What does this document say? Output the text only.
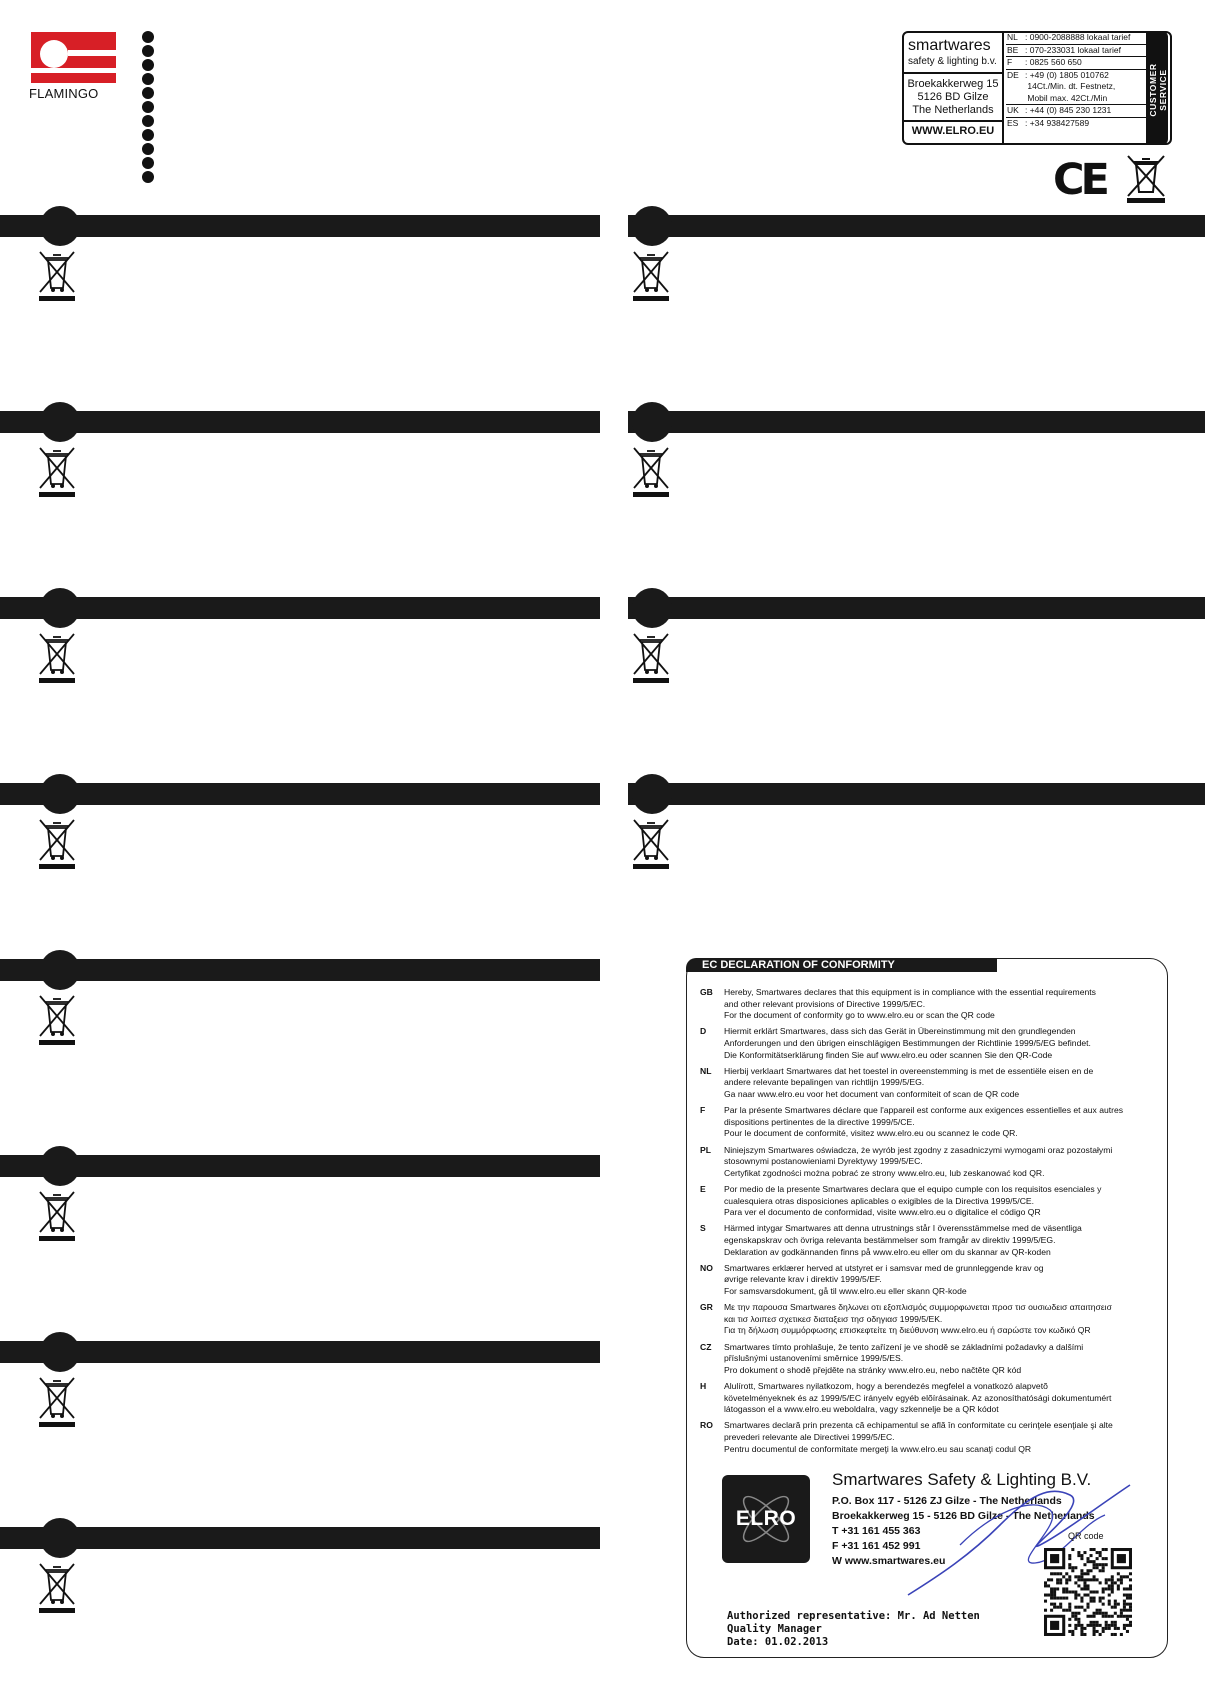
FLAMINGO
smartwares
safety & lighting b.v.
Broekakkerweg 15
5126 BD Gilze
The Netherlands
WWW.ELRO.EU
NL : 0900-2088888 lokaal tarief
BE : 070-233031 lokaal tarief
F : 0825 560 650
DE : +49 (0) 1805 010762
14Ct./Min. dt. Festnetz,
Mobil max. 42Ct./Min
UK : +44 (0) 845 230 1231
ES : +34 938427589
CUSTOMER SERVICE
CE
EC DECLARATION OF CONFORMITY
GB	Hereby, Smartwares declares that this equipment is in compliance with the essential requirements
and other relevant provisions of Directive 1999/5/EC.
For the document of conformity go to www.elro.eu or scan the QR code
D	Hiermit erklärt Smartwares, dass sich das Gerät in Übereinstimmung mit den grundlegenden
Anforderungen und den übrigen einschlägigen Bestimmungen der Richtlinie 1999/5/EG befindet.
Die Konformitätserklärung finden Sie auf www.elro.eu oder scannen Sie den QR-Code
NL	Hierbij verklaart Smartwares dat het toestel in overeenstemming is met de essentiële eisen en de
andere relevante bepalingen van richtlijn 1999/5/EG.
Ga naar www.elro.eu voor het document van conformiteit of scan de QR code
F	Par la présente Smartwares déclare que l'appareil est conforme aux exigences essentielles et aux autres
dispositions pertinentes de la directive 1999/5/CE.
Pour le document de conformité, visitez www.elro.eu ou scannez le code QR.
PL	Niniejszym Smartwares oświadcza, że wyrób jest zgodny z zasadniczymi wymogami oraz pozostałymi
stosownymi postanowieniami Dyrektywy 1999/5/EC.
Certyfikat zgodności można pobrać ze strony www.elro.eu, lub zeskanować kod QR.
E	Por medio de la presente Smartwares declara que el equipo cumple con los requisitos esenciales y
cualesquiera otras disposiciones aplicables o exigibles de la Directiva 1999/5/CE.
Para ver el documento de conformidad, visite www.elro.eu o digitalice el código QR
S	Härmed intygar Smartwares att denna utrustnings står I överensstämmelse med de väsentliga
egenskapskrav och övriga relevanta bestämmelser som framgår av direktiv 1999/5/EG.
Deklaration av godkännanden finns på www.elro.eu eller om du skannar av QR-koden
NO	Smartwares erklærer herved at utstyret er i samsvar med de grunnleggende krav og
øvrige relevante krav i direktiv 1999/5/EF.
For samsvarsdokument, gå til www.elro.eu eller skann QR-kode
GR	Με την παρουσα Smartwares δηλωνει οτι εξοπλισμός συμμορφωνεται προσ τισ ουσιωδεισ απαιτησεισ
και τισ λοιπεσ σχετικεσ διαταξεισ τησ οδηγιασ 1999/5/ΕΚ.
Για τη δήλωση συμμόρφωσης επισκεφτείτε τη διεύθυνση www.elro.eu ή σαρώστε τον κωδικό QR
CZ	Smartwares tímto prohlašuje, že tento zařízení je ve shodě se základními požadavky a dalšími
příslušnými ustanoveními směrnice 1999/5/ES.
Pro dokument o shodě přejděte na stránky www.elro.eu, nebo načtěte QR kód
H	Alulírott, Smartwares nyilatkozom, hogy a berendezés megfelel a vonatkozó alapvetõ
követelményeknek és az 1999/5/EC irányelv egyéb elõírásainak. Az azonosíthatósági dokumentumért
látogasson el a www.elro.eu weboldalra, vagy szkennelje be a QR kódot
RO	Smartwares declară prin prezenta că echipamentul se află în conformitate cu cerinţele esenţiale şi alte
prevederi relevante ale Directivei 1999/5/EC.
Pentru documentul de conformitate mergeţi la www.elro.eu sau scanaţi codul QR
ELRO
Smartwares Safety & Lighting B.V.
P.O. Box 117 - 5126 ZJ Gilze - The Netherlands
Broekakkerweg 15 - 5126 BD Gilze - The Netherlands
T +31 161 455 363
F +31 161 452 991
W www.smartwares.eu
Authorized representative: Mr. Ad Netten
Quality Manager
Date: 01.02.2013
QR code
